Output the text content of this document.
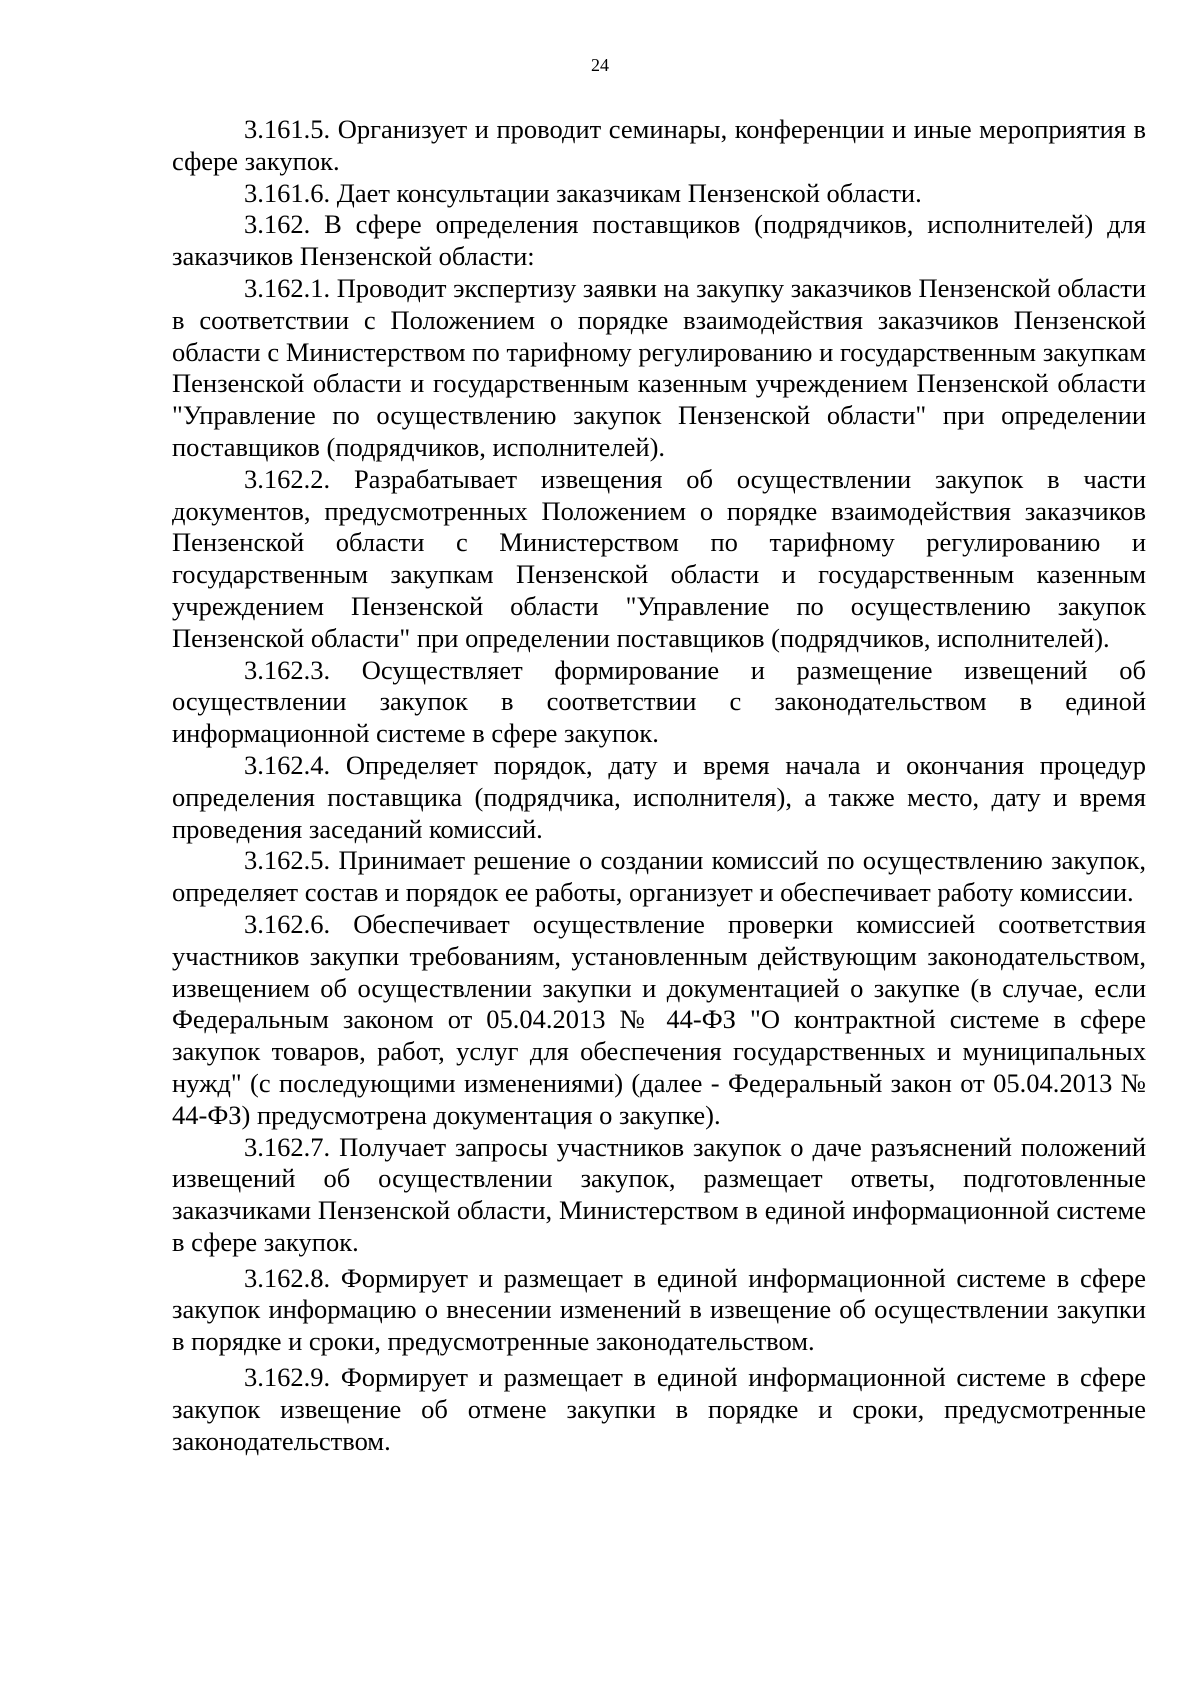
24

3.161.5. Организует и проводит семинары, конференции и иные мероприятия в сфере закупок.

3.161.6. Дает консультации заказчикам Пензенской области.

3.162. В сфере определения поставщиков (подрядчиков, исполнителей) для заказчиков Пензенской области:

3.162.1. Проводит экспертизу заявки на закупку заказчиков Пензенской области в соответствии с Положением о порядке взаимодействия заказчиков Пензенской области с Министерством по тарифному регулированию и государственным закупкам Пензенской области и государственным казенным учреждением Пензенской области "Управление по осуществлению закупок Пензенской области" при определении поставщиков (подрядчиков, исполнителей).

3.162.2. Разрабатывает извещения об осуществлении закупок в части документов, предусмотренных Положением о порядке взаимодействия заказчиков Пензенской области с Министерством по тарифному регулированию и государственным закупкам Пензенской области и государственным казенным учреждением Пензенской области "Управление по осуществлению закупок Пензенской области" при определении поставщиков (подрядчиков, исполнителей).

3.162.3. Осуществляет формирование и размещение извещений об осуществлении закупок в соответствии с законодательством в единой информационной системе в сфере закупок.

3.162.4. Определяет порядок, дату и время начала и окончания процедур определения поставщика (подрядчика, исполнителя), а также место, дату и время проведения заседаний комиссий.

3.162.5. Принимает решение о создании комиссий по осуществлению закупок, определяет состав и порядок ее работы, организует и обеспечивает работу комиссии.

3.162.6. Обеспечивает осуществление проверки комиссией соответствия участников закупки требованиям, установленным действующим законодательством, извещением об осуществлении закупки и документацией о закупке (в случае, если Федеральным законом от 05.04.2013 № 44-ФЗ "О контрактной системе в сфере закупок товаров, работ, услуг для обеспечения государственных и муниципальных нужд" (с последующими изменениями) (далее - Федеральный закон от 05.04.2013 № 44-ФЗ) предусмотрена документация о закупке).

3.162.7. Получает запросы участников закупок о даче разъяснений положений извещений об осуществлении закупок, размещает ответы, подготовленные заказчиками Пензенской области, Министерством в единой информационной системе в сфере закупок.

3.162.8. Формирует и размещает в единой информационной системе в сфере закупок информацию о внесении изменений в извещение об осуществлении закупки в порядке и сроки, предусмотренные законодательством.

3.162.9. Формирует и размещает в единой информационной системе в сфере закупок извещение об отмене закупки в порядке и сроки, предусмотренные законодательством.
